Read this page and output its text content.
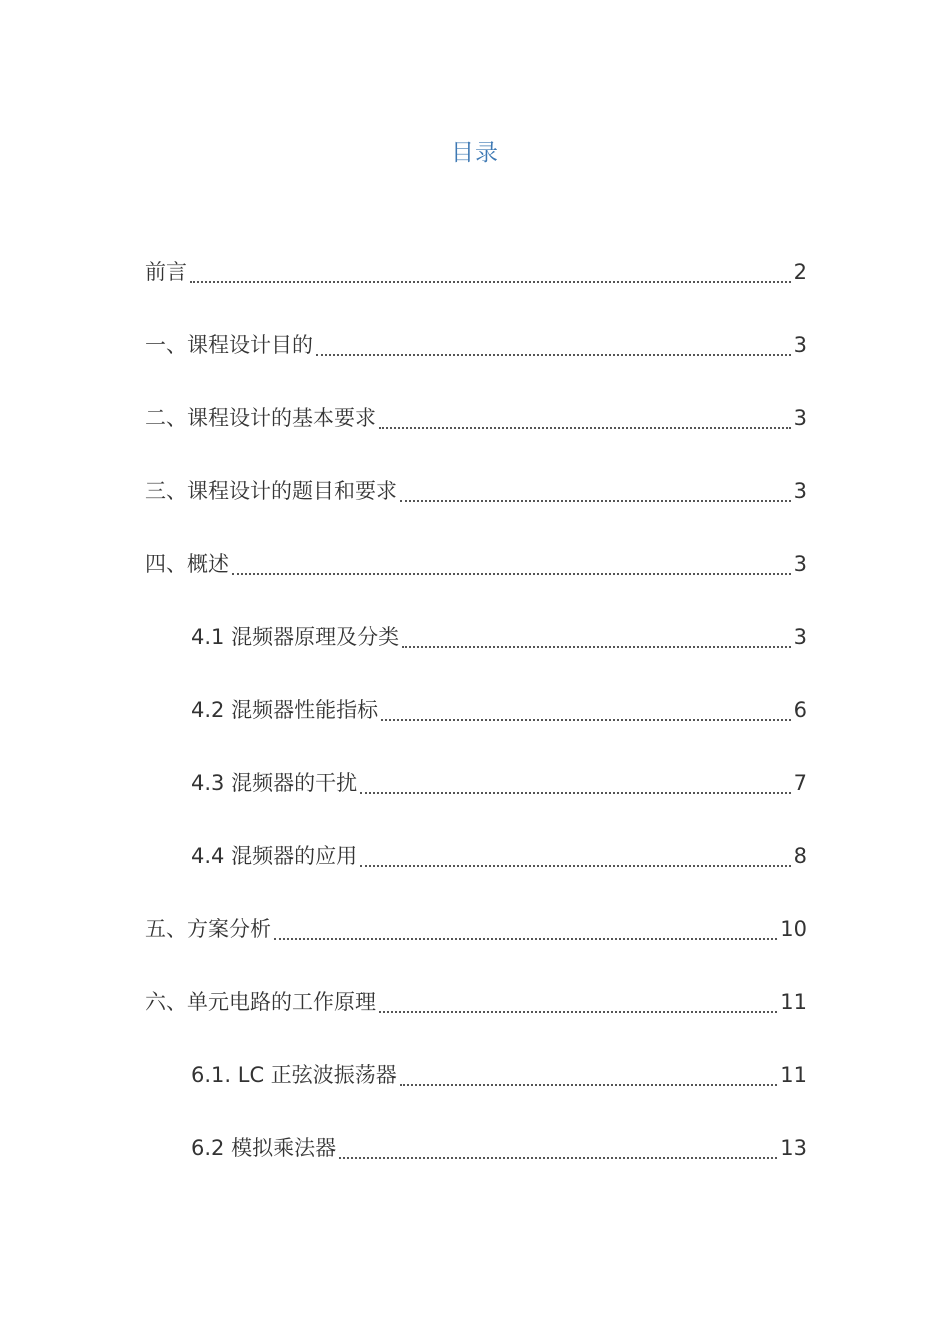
目录
前言	2
一、课程设计目的	3
二、课程设计的基本要求	3
三、课程设计的题目和要求	3
四、概述	3
4.1 混频器原理及分类	3
4.2 混频器性能指标	6
4.3 混频器的干扰	7
4.4 混频器的应用	8
五、方案分析	10
六、单元电路的工作原理	11
6.1. LC 正弦波振荡器	11
6.2 模拟乘法器	13
